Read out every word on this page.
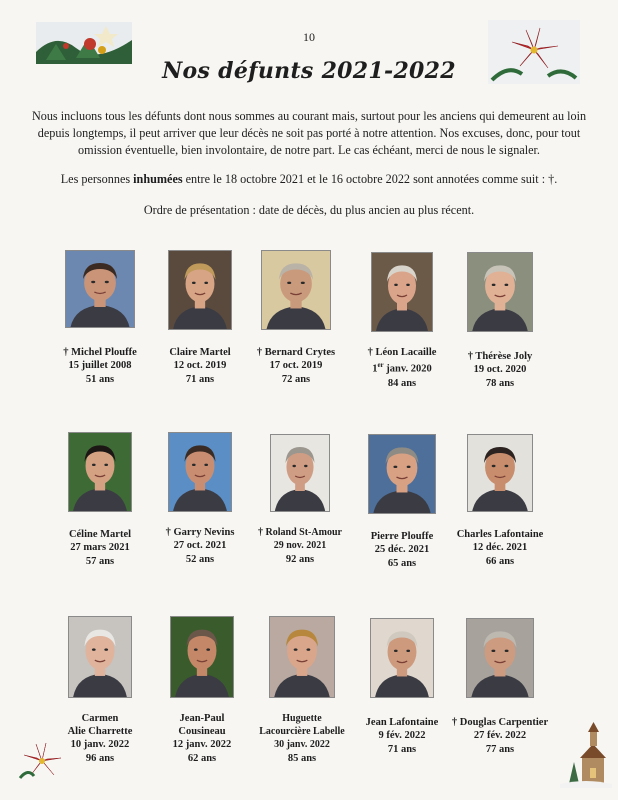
10
Nos défunts 2021-2022
Nous incluons tous les défunts dont nous sommes au courant mais, surtout pour les anciens qui demeurent au loin depuis longtemps, il peut arriver que leur décès ne soit pas porté à notre attention. Nos excuses, donc, pour tout omission éventuelle, bien involontaire, de notre part. Le cas échéant, merci de nous le signaler.
Les personnes inhumées entre le 18 octobre 2021 et le 16 octobre 2022 sont annotées comme suit : †.
Ordre de présentation : date de décès, du plus ancien au plus récent.
† Michel Plouffe
15 juillet 2008
51 ans
Claire Martel
12 oct. 2019
71 ans
† Bernard Crytes
17 oct. 2019
72 ans
† Léon Lacaille
1er janv. 2020
84 ans
† Thérèse Joly
19 oct. 2020
78 ans
Céline Martel
27 mars 2021
57 ans
† Garry Nevins
27 oct. 2021
52 ans
† Roland St-Amour
29 nov. 2021
92 ans
Pierre Plouffe
25 déc. 2021
65 ans
Charles Lafontaine
12 déc. 2021
66 ans
Carmen
Alie Charrette
10 janv. 2022
96 ans
Jean-Paul
Cousineau
12 janv. 2022
62 ans
Huguette
Lacourcière Labelle
30 janv. 2022
85 ans
Jean Lafontaine
9 fév. 2022
71 ans
† Douglas Carpentier
27 fév. 2022
77 ans
